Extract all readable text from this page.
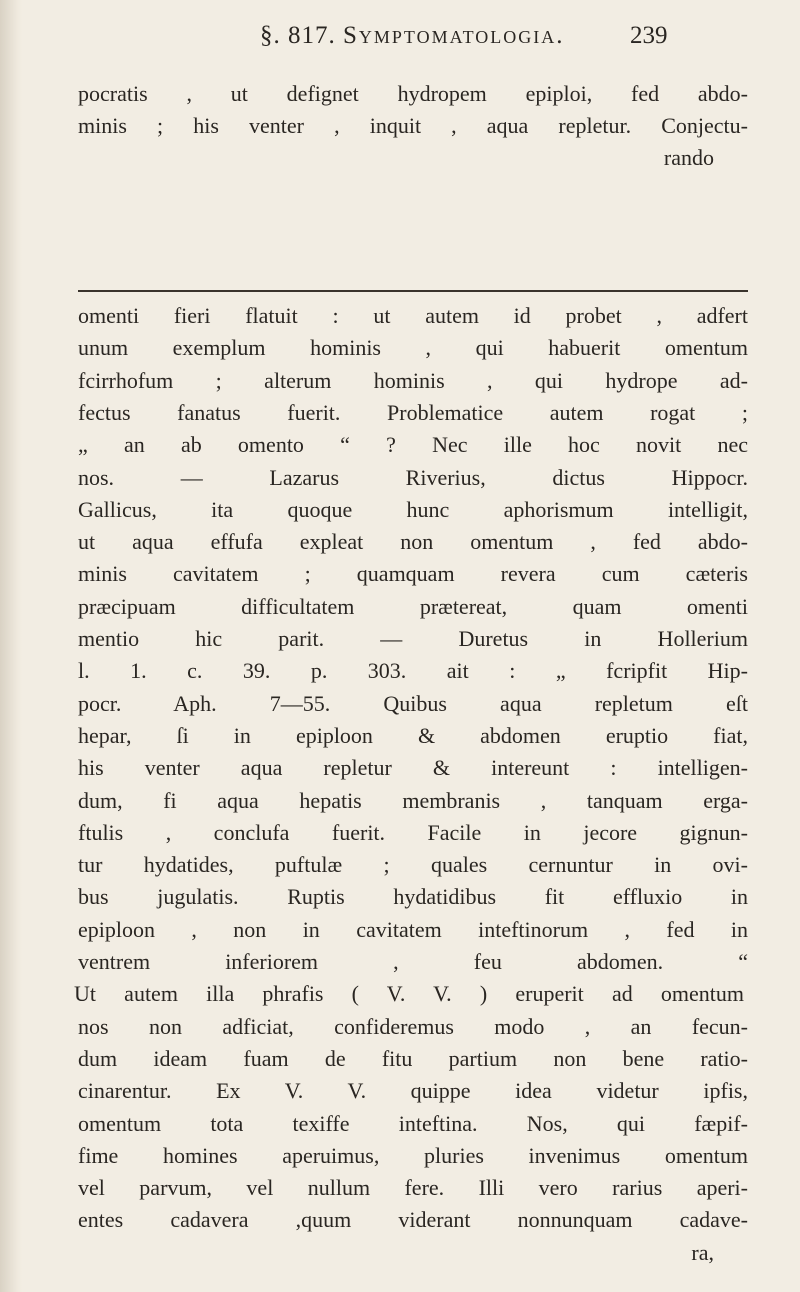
§. 817. Symptomatologia.	239
pocratis , ut defignet hydropem epiploi, fed abdo-
minis ; his venter , inquit , aqua repletur. Conjectu-
rando
omenti fieri flatuit : ut autem id probet , adfert
unum exemplum hominis , qui habuerit omentum
fcirrhofum ; alterum hominis , qui hydrope ad-
fectus fanatus fuerit. Problematice autem rogat ;
„ an ab omento “ ? Nec ille hoc novit nec
nos. — Lazarus Riverius, dictus Hippocr.
Gallicus, ita quoque hunc aphorismum intelligit,
ut aqua effufa expleat non omentum , fed abdo-
minis cavitatem ; quamquam revera cum cæteris
præcipuam difficultatem prætereat, quam omenti
mentio hic parit. — Duretus in Hollerium
l. 1. c. 39. p. 303. ait : „ fcripfit Hip-
pocr. Aph. 7—55. Quibus aqua repletum eſt
hepar, ſi in epiploon & abdomen eruptio fiat,
his venter aqua repletur & intereunt : intelligen-
dum, fi aqua hepatis membranis , tanquam erga-
ftulis , conclufa fuerit. Facile in jecore gignun-
tur hydatides, puftulæ ; quales cernuntur in ovi-
bus jugulatis. Ruptis hydatidibus fit effluxio in
epiploon , non in cavitatem inteftinorum , fed in
ventrem inferiorem , feu abdomen. “
Ut autem illa phrafis ( V. V. ) eruperit ad omentum
nos non adficiat, confideremus modo , an fecun-
dum ideam fuam de fitu partium non bene ratio-
cinarentur. Ex V. V. quippe idea videtur ipfis,
omentum tota texiffe inteftina. Nos, qui fæpif-
fime homines aperuimus, pluries invenimus omentum
vel parvum, vel nullum fere. Illi vero rarius aperi-
entes cadavera ,quum viderant nonnunquam cadave-
ra,
